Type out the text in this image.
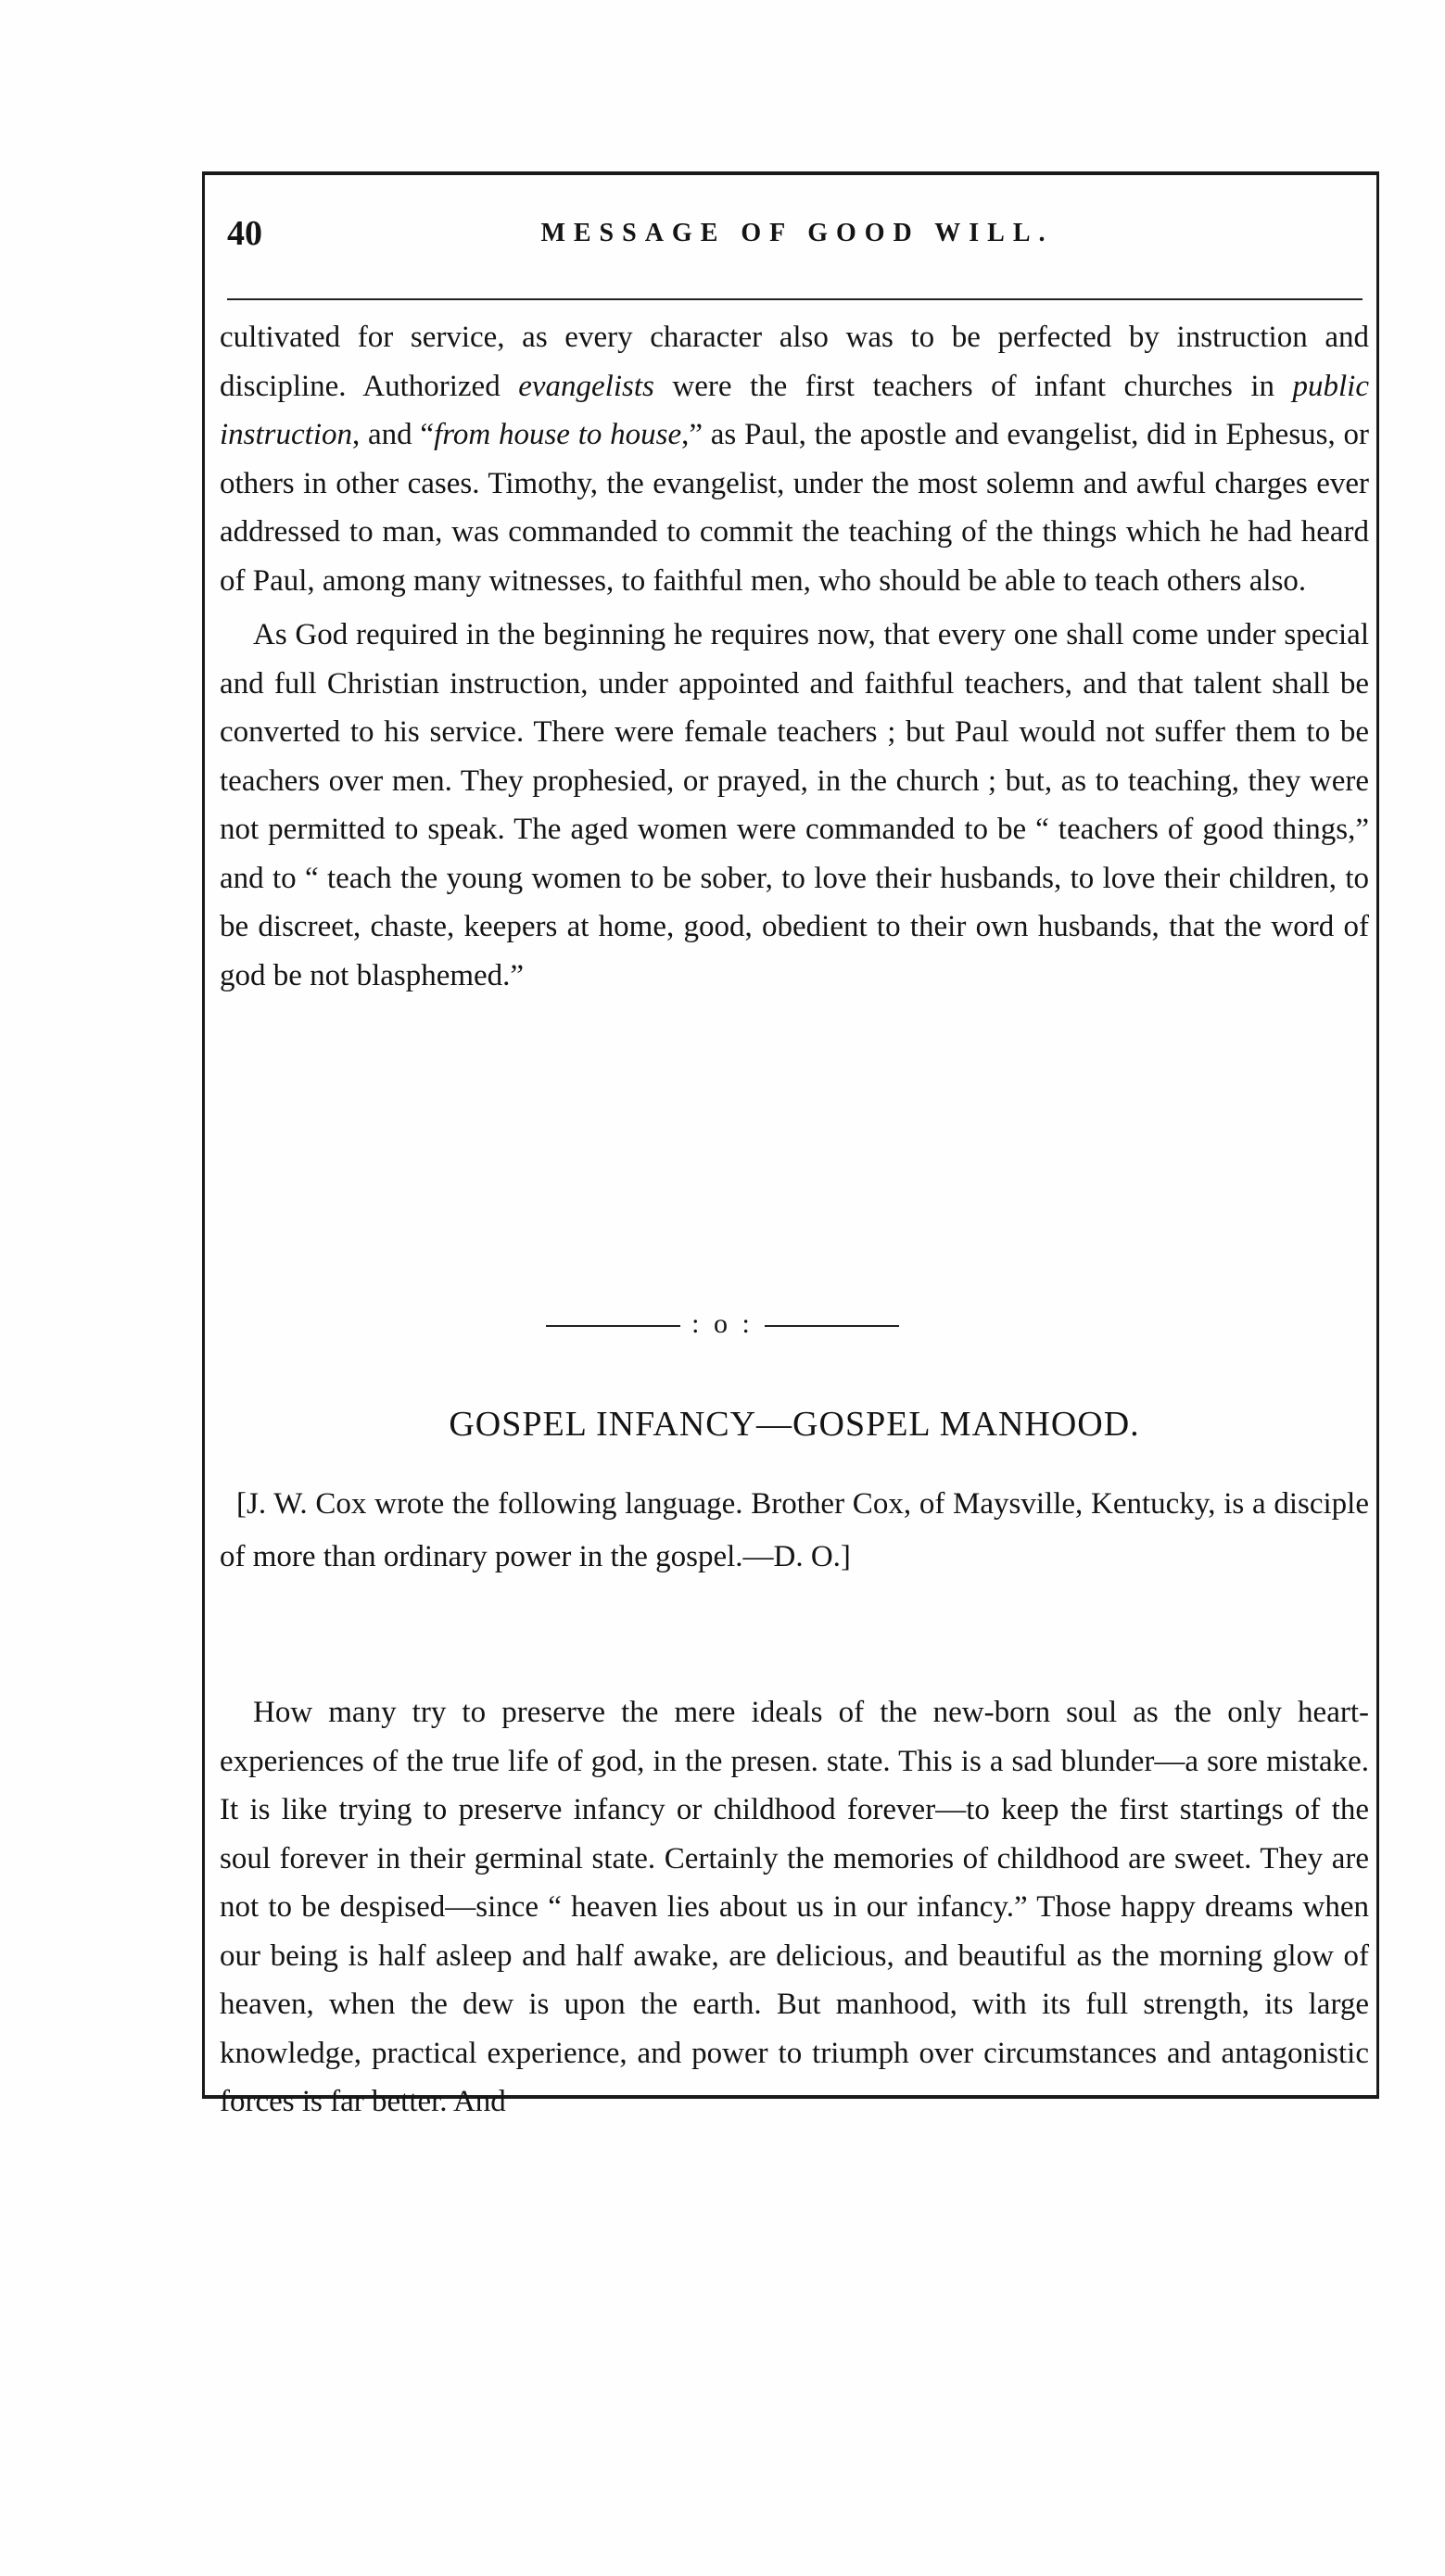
40	MESSAGE OF GOOD WILL.

cultivated for service, as every character also was to be perfected by instruction and discipline. Authorized evangelists were the first teachers of infant churches in public instruction, and “from house to house,” as Paul, the apostle and evangelist, did in Ephesus, or others in other cases. Timothy, the evangelist, under the most solemn and awful charges ever addressed to man, was commanded to commit the teaching of the things which he had heard of Paul, among many witnesses, to faithful men, who should be able to teach others also.

As God required in the beginning he requires now, that every one shall come under special and full Christian instruction, under appointed and faithful teachers, and that talent shall be converted to his service. There were female teachers ; but Paul would not suffer them to be teachers over men. They prophesied, or prayed, in the church ; but, as to teaching, they were not permitted to speak. The aged women were commanded to be “ teachers of good things,” and to “ teach the young women to be sober, to love their husbands, to love their children, to be discreet, chaste, keepers at home, good, obedient to their own husbands, that the word of god be not blasphemed.”

: o :
GOSPEL INFANCY—GOSPEL MANHOOD.

[J. W. Cox wrote the following language. Brother Cox, of Maysville, Kentucky, is a disciple of more than ordinary power in the gospel.—D. O.]

How many try to preserve the mere ideals of the new-born soul as the only heart-experiences of the true life of god, in the presen. state. This is a sad blunder—a sore mistake. It is like trying to preserve infancy or childhood forever—to keep the first startings of the soul forever in their germinal state. Certainly the memories of childhood are sweet. They are not to be despised—since “ heaven lies about us in our infancy.” Those happy dreams when our being is half asleep and half awake, are delicious, and beautiful as the morning glow of heaven, when the dew is upon the earth. But manhood, with its full strength, its large knowledge, practical experience, and power to triumph over circumstances and antagonistic forces is far better. And
